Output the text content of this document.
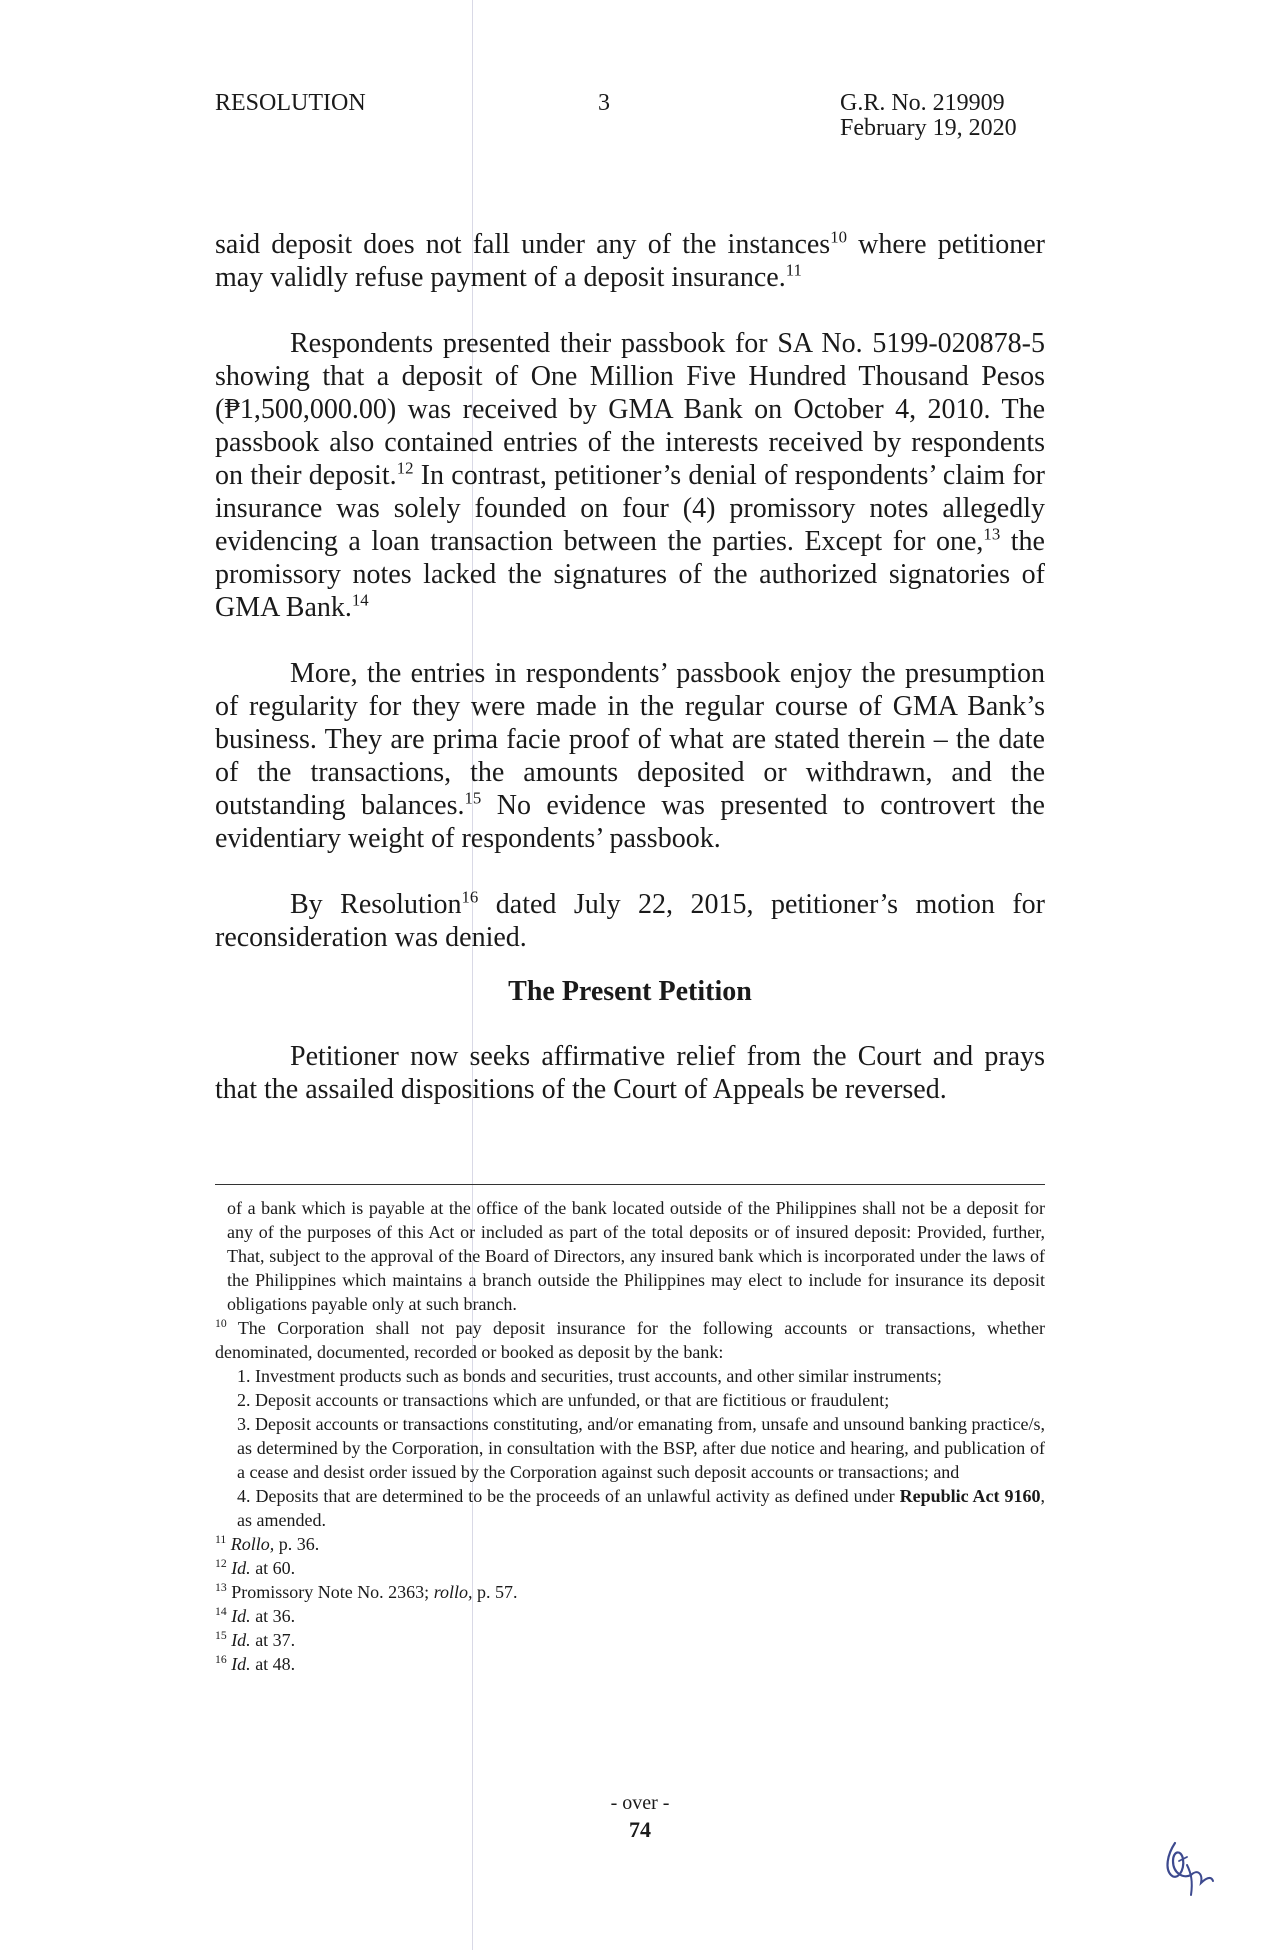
RESOLUTION	3	G.R. No. 219909
February 19, 2020

said deposit does not fall under any of the instances$^{10}$ where petitioner may validly refuse payment of a deposit insurance.$^{11}$

Respondents presented their passbook for SA No. 5199-020878-5 showing that a deposit of One Million Five Hundred Thousand Pesos (₱1,500,000.00) was received by GMA Bank on October 4, 2010. The passbook also contained entries of the interests received by respondents on their deposit.$^{12}$ In contrast, petitioner’s denial of respondents’ claim for insurance was solely founded on four (4) promissory notes allegedly evidencing a loan transaction between the parties. Except for one,$^{13}$ the promissory notes lacked the signatures of the authorized signatories of GMA Bank.$^{14}$

More, the entries in respondents’ passbook enjoy the presumption of regularity for they were made in the regular course of GMA Bank’s business. They are prima facie proof of what are stated therein – the date of the transactions, the amounts deposited or withdrawn, and the outstanding balances.$^{15}$ No evidence was presented to controvert the evidentiary weight of respondents’ passbook.

By Resolution$^{16}$ dated July 22, 2015, petitioner’s motion for reconsideration was denied.

The Present Petition

Petitioner now seeks affirmative relief from the Court and prays that the assailed dispositions of the Court of Appeals be reversed.

of a bank which is payable at the office of the bank located outside of the Philippines shall not be a deposit for any of the purposes of this Act or included as part of the total deposits or of insured deposit: Provided, further, That, subject to the approval of the Board of Directors, any insured bank which is incorporated under the laws of the Philippines which maintains a branch outside the Philippines may elect to include for insurance its deposit obligations payable only at such branch.

$^{10}$ The Corporation shall not pay deposit insurance for the following accounts or transactions, whether denominated, documented, recorded or booked as deposit by the bank:

1. Investment products such as bonds and securities, trust accounts, and other similar instruments;

2. Deposit accounts or transactions which are unfunded, or that are fictitious or fraudulent;

3. Deposit accounts or transactions constituting, and/or emanating from, unsafe and unsound banking practice/s, as determined by the Corporation, in consultation with the BSP, after due notice and hearing, and publication of a cease and desist order issued by the Corporation against such deposit accounts or transactions; and

4. Deposits that are determined to be the proceeds of an unlawful activity as defined under Republic Act 9160, as amended.

$^{11}$ Rollo, p. 36.

$^{12}$ Id. at 60.

$^{13}$ Promissory Note No. 2363; rollo, p. 57.

$^{14}$ Id. at 36.

$^{15}$ Id. at 37.

$^{16}$ Id. at 48.

- over -
74
